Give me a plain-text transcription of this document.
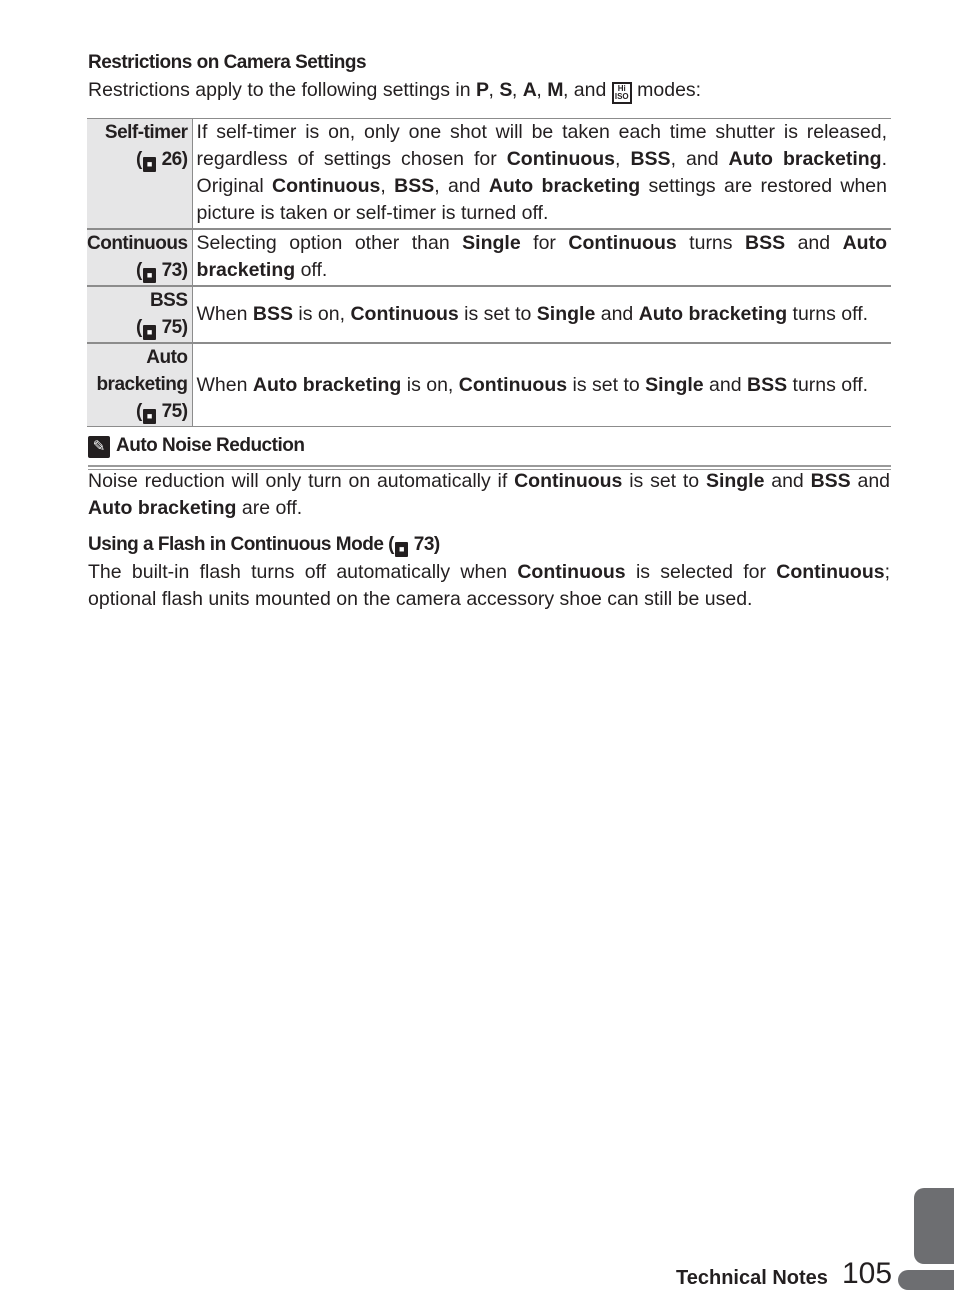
Restrictions on Camera Settings
Restrictions apply to the following settings in P, S, A, M, and Hi
ISO modes:
Self-timer
( ■ 26)	If self-timer is on, only one shot will be taken each time shutter is released, regardless of settings chosen for Continuous, BSS, and Auto bracketing. Original Continuous, BSS, and Auto bracketing settings are restored when picture is taken or self-timer is turned off.
Continuous
( ■ 73)	Selecting option other than Single for Continuous turns BSS and Auto bracketing off.
BSS
( ■ 75)	When BSS is on, Continuous is set to Single and Auto bracketing turns off.
Auto
bracketing
( ■ 75)	When Auto bracketing is on, Continuous is set to Single and BSS turns off.
✎ Auto Noise Reduction
Noise reduction will only turn on automatically if Continuous is set to Single and BSS and Auto bracketing are off.
Using a Flash in Continuous Mode ( ■ 73)
The built-in flash turns off automatically when Continuous is selected for Continuous; optional flash units mounted on the camera accessory shoe can still be used.
Technical Notes 105
